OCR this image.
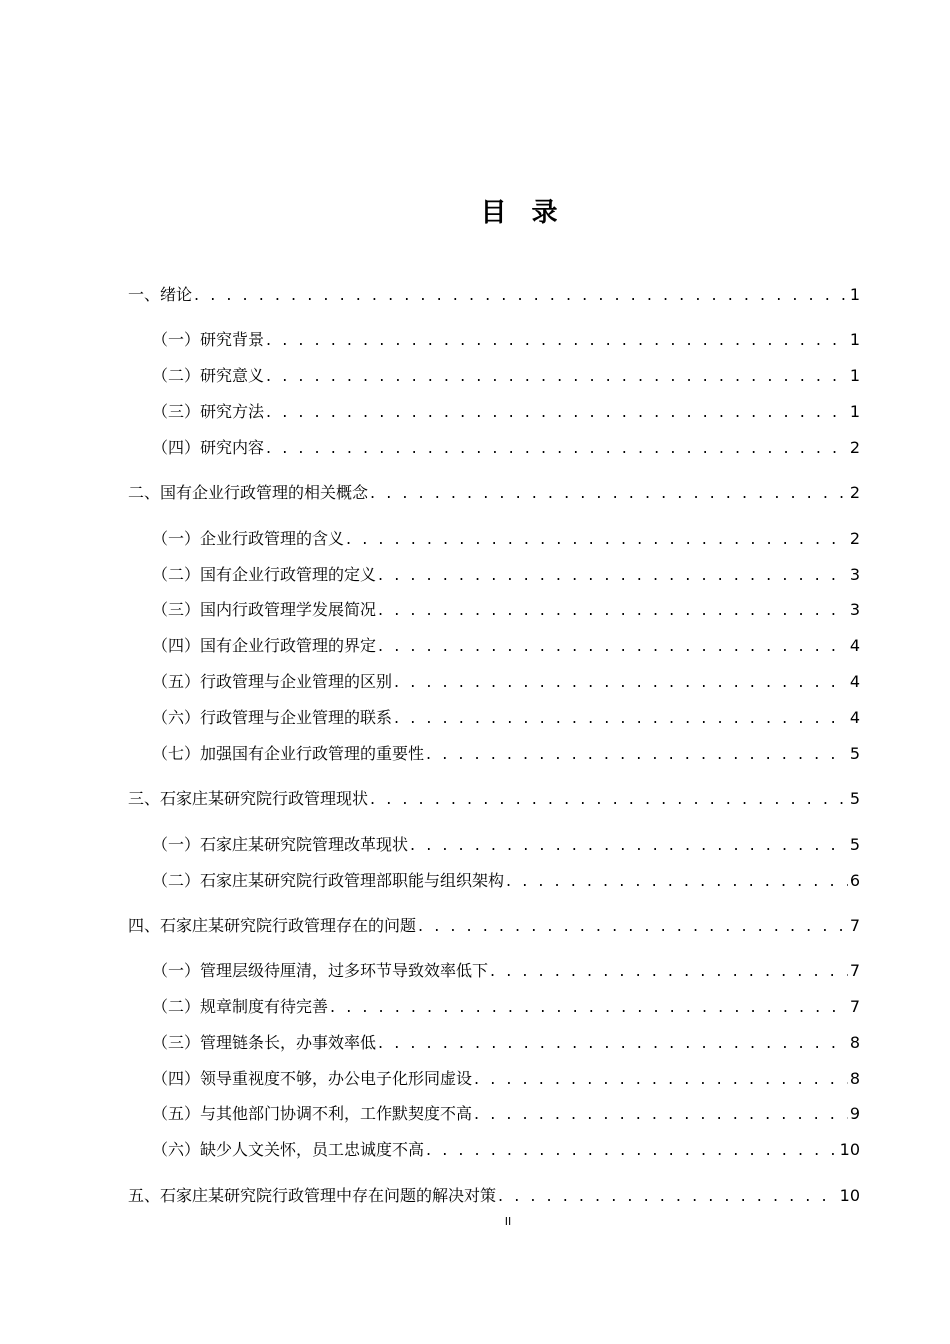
目 录
一、绪论 . . .	1
（一）研究背景 . . .	1
（二）研究意义 . . .	1
（三）研究方法 . . .	1
（四）研究内容 . . .	2
二、国有企业行政管理的相关概念 . . .	2
（一）企业行政管理的含义 . . .	2
（二）国有企业行政管理的定义 . . .	3
（三）国内行政管理学发展简况 . . .	3
（四）国有企业行政管理的界定 . . .	4
（五）行政管理与企业管理的区别 . . .	4
（六）行政管理与企业管理的联系 . . .	4
（七）加强国有企业行政管理的重要性 . . .	5
三、石家庄某研究院行政管理现状 . . .	5
（一）石家庄某研究院管理改革现状 . . .	5
（二）石家庄某研究院行政管理部职能与组织架构 . . .	6
四、石家庄某研究院行政管理存在的问题 . . .	7
（一）管理层级待厘清，过多环节导致效率低下 . . .	7
（二）规章制度有待完善 . . .	7
（三）管理链条长，办事效率低 . . .	8
（四）领导重视度不够，办公电子化形同虚设 . . .	8
（五）与其他部门协调不利，工作默契度不高 . . .	9
（六）缺少人文关怀，员工忠诚度不高 . . .	10
五、石家庄某研究院行政管理中存在问题的解决对策 . . .	10
II
